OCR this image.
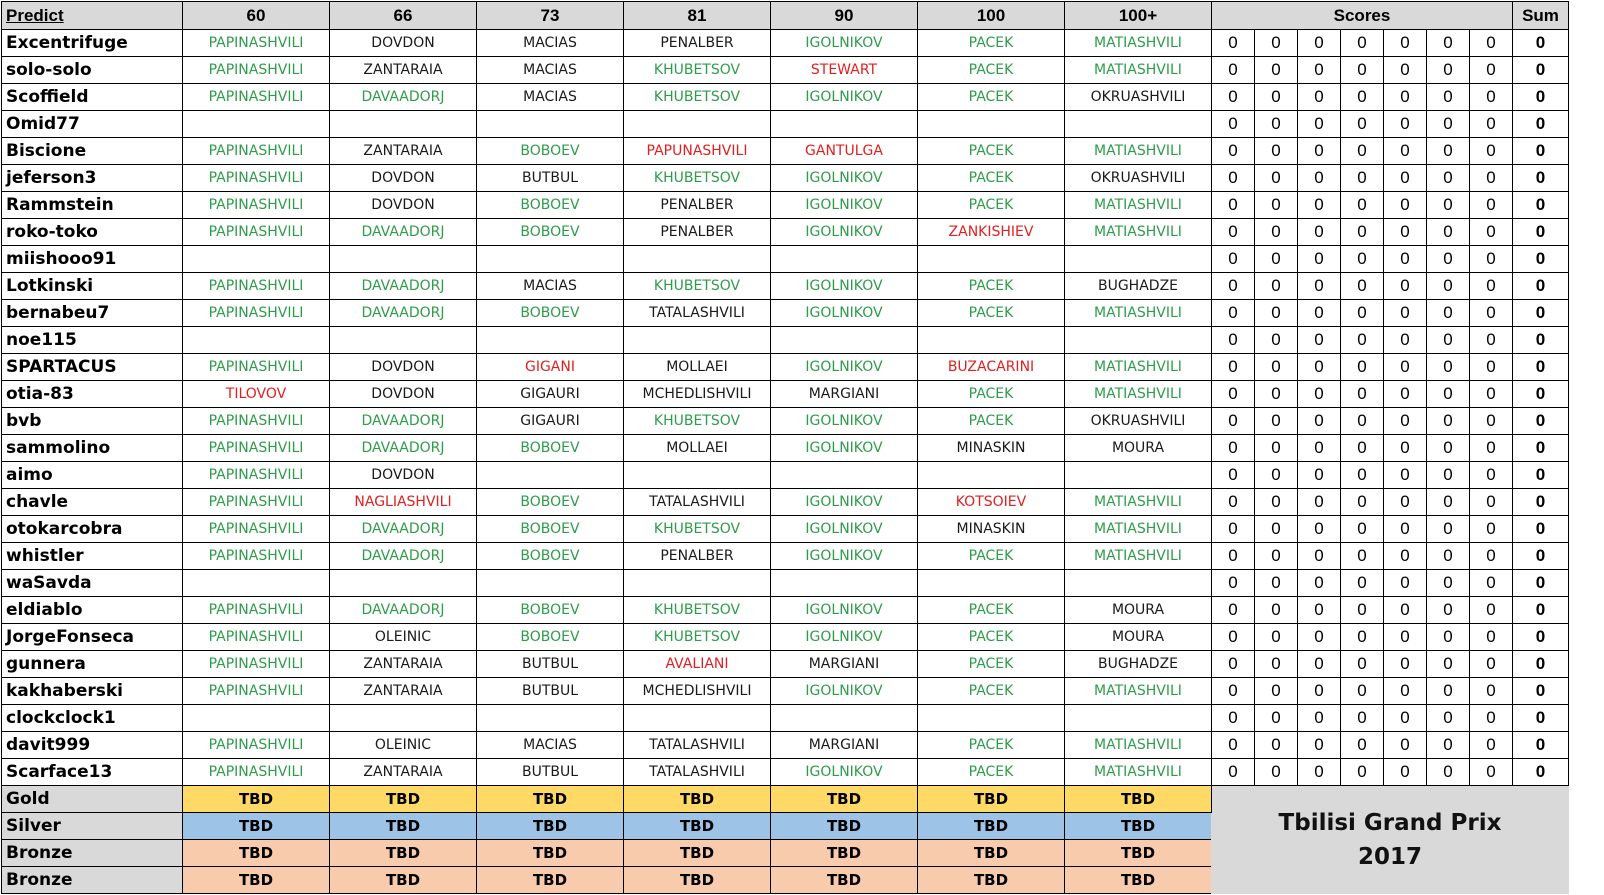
Predict	60	66	73	81	90	100	100+	Scores							Sum
Excentrifuge	PAPINASHVILI	DOVDON	MACIAS	PENALBER	IGOLNIKOV	PACEK	MATIASHVILI	0	0	0	0	0	0	0	0
solo-solo	PAPINASHVILI	ZANTARAIA	MACIAS	KHUBETSOV	STEWART	PACEK	MATIASHVILI	0	0	0	0	0	0	0	0
Scoffield	PAPINASHVILI	DAVAADORJ	MACIAS	KHUBETSOV	IGOLNIKOV	PACEK	OKRUASHVILI	0	0	0	0	0	0	0	0
Omid77								0	0	0	0	0	0	0	0
Biscione	PAPINASHVILI	ZANTARAIA	BOBOEV	PAPUNASHVILI	GANTULGA	PACEK	MATIASHVILI	0	0	0	0	0	0	0	0
jeferson3	PAPINASHVILI	DOVDON	BUTBUL	KHUBETSOV	IGOLNIKOV	PACEK	OKRUASHVILI	0	0	0	0	0	0	0	0
Rammstein	PAPINASHVILI	DOVDON	BOBOEV	PENALBER	IGOLNIKOV	PACEK	MATIASHVILI	0	0	0	0	0	0	0	0
roko-toko	PAPINASHVILI	DAVAADORJ	BOBOEV	PENALBER	IGOLNIKOV	ZANKISHIEV	MATIASHVILI	0	0	0	0	0	0	0	0
miishooo91								0	0	0	0	0	0	0	0
Lotkinski	PAPINASHVILI	DAVAADORJ	MACIAS	KHUBETSOV	IGOLNIKOV	PACEK	BUGHADZE	0	0	0	0	0	0	0	0
bernabeu7	PAPINASHVILI	DAVAADORJ	BOBOEV	TATALASHVILI	IGOLNIKOV	PACEK	MATIASHVILI	0	0	0	0	0	0	0	0
noe115								0	0	0	0	0	0	0	0
SPARTACUS	PAPINASHVILI	DOVDON	GIGANI	MOLLAEI	IGOLNIKOV	BUZACARINI	MATIASHVILI	0	0	0	0	0	0	0	0
otia-83	TILOVOV	DOVDON	GIGAURI	MCHEDLISHVILI	MARGIANI	PACEK	MATIASHVILI	0	0	0	0	0	0	0	0
bvb	PAPINASHVILI	DAVAADORJ	GIGAURI	KHUBETSOV	IGOLNIKOV	PACEK	OKRUASHVILI	0	0	0	0	0	0	0	0
sammolino	PAPINASHVILI	DAVAADORJ	BOBOEV	MOLLAEI	IGOLNIKOV	MINASKIN	MOURA	0	0	0	0	0	0	0	0
aimo	PAPINASHVILI	DOVDON						0	0	0	0	0	0	0	0
chavle	PAPINASHVILI	NAGLIASHVILI	BOBOEV	TATALASHVILI	IGOLNIKOV	KOTSOIEV	MATIASHVILI	0	0	0	0	0	0	0	0
otokarcobra	PAPINASHVILI	DAVAADORJ	BOBOEV	KHUBETSOV	IGOLNIKOV	MINASKIN	MATIASHVILI	0	0	0	0	0	0	0	0
whistler	PAPINASHVILI	DAVAADORJ	BOBOEV	PENALBER	IGOLNIKOV	PACEK	MATIASHVILI	0	0	0	0	0	0	0	0
waSavda								0	0	0	0	0	0	0	0
eldiablo	PAPINASHVILI	DAVAADORJ	BOBOEV	KHUBETSOV	IGOLNIKOV	PACEK	MOURA	0	0	0	0	0	0	0	0
JorgeFonseca	PAPINASHVILI	OLEINIC	BOBOEV	KHUBETSOV	IGOLNIKOV	PACEK	MOURA	0	0	0	0	0	0	0	0
gunnera	PAPINASHVILI	ZANTARAIA	BUTBUL	AVALIANI	MARGIANI	PACEK	BUGHADZE	0	0	0	0	0	0	0	0
kakhaberski	PAPINASHVILI	ZANTARAIA	BUTBUL	MCHEDLISHVILI	IGOLNIKOV	PACEK	MATIASHVILI	0	0	0	0	0	0	0	0
clockclock1								0	0	0	0	0	0	0	0
davit999	PAPINASHVILI	OLEINIC	MACIAS	TATALASHVILI	MARGIANI	PACEK	MATIASHVILI	0	0	0	0	0	0	0	0
Scarface13	PAPINASHVILI	ZANTARAIA	BUTBUL	TATALASHVILI	IGOLNIKOV	PACEK	MATIASHVILI	0	0	0	0	0	0	0	0
Gold	TBD	TBD	TBD	TBD	TBD	TBD	TBD	Tbilisi Grand Prix
2017							

Silver	TBD	TBD	TBD	TBD	TBD	TBD	TBD								
Bronze	TBD	TBD	TBD	TBD	TBD	TBD	TBD								
Bronze	TBD	TBD	TBD	TBD	TBD	TBD	TBD								
